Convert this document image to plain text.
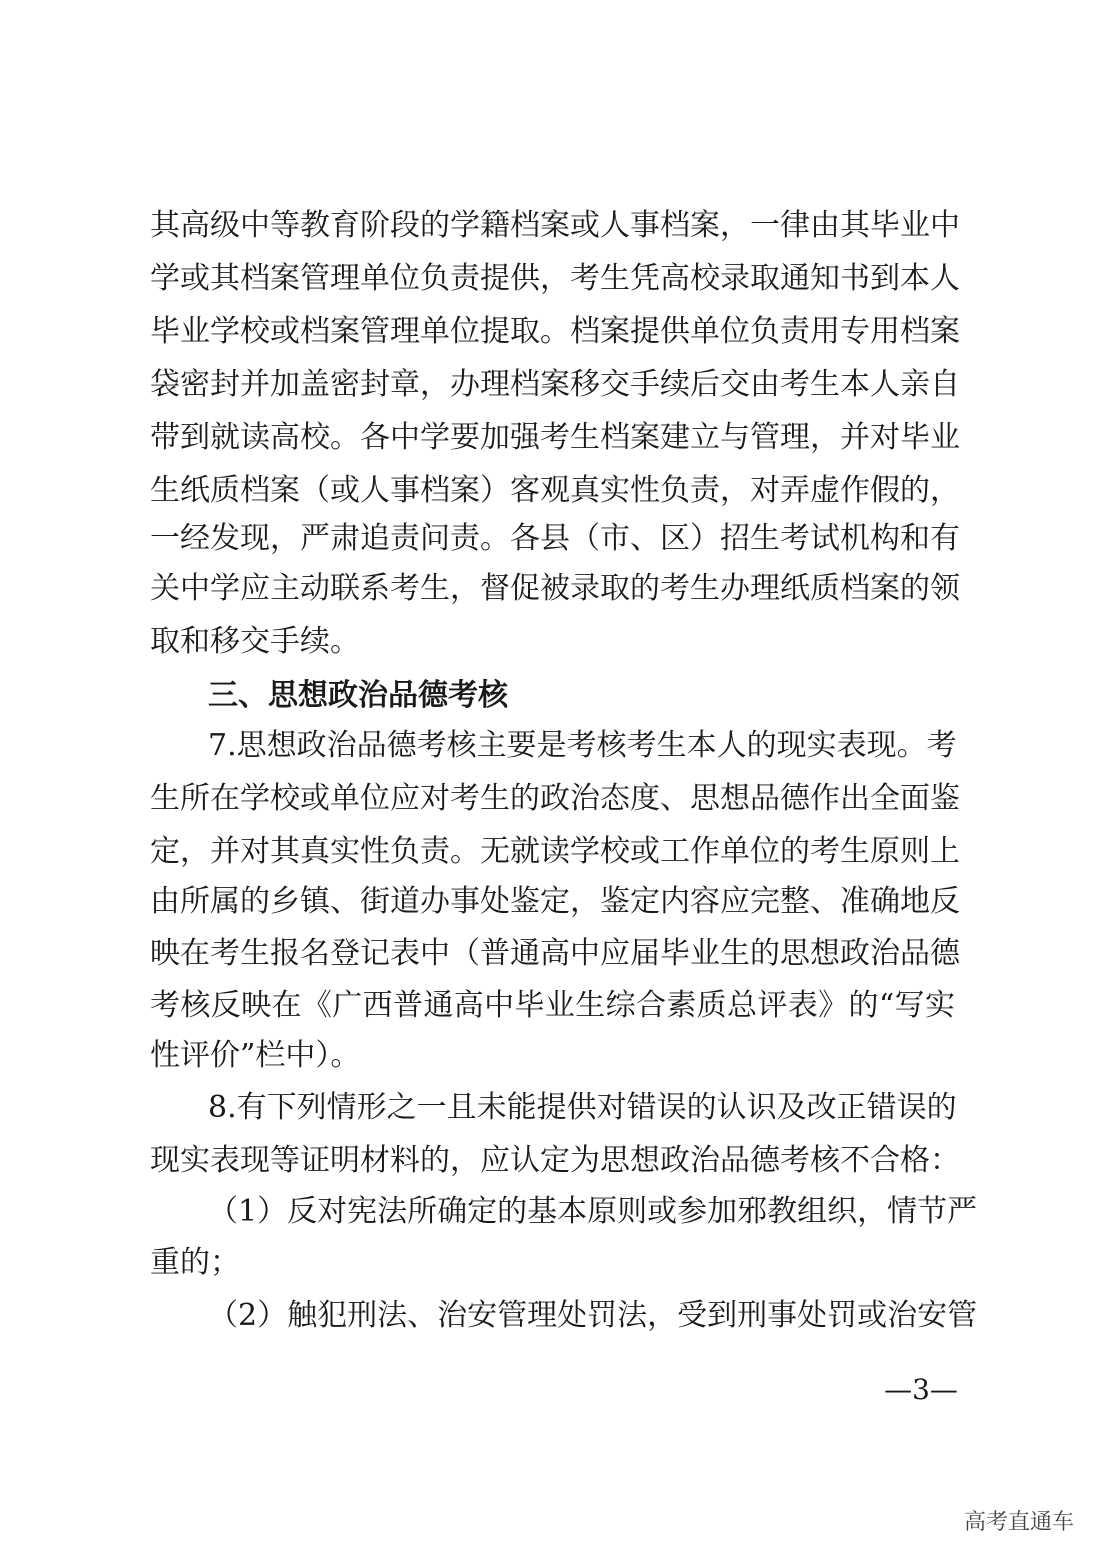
其高级中等教育阶段的学籍档案或人事档案，一律由其毕业中
学或其档案管理单位负责提供，考生凭高校录取通知书到本人
毕业学校或档案管理单位提取。档案提供单位负责用专用档案
袋密封并加盖密封章，办理档案移交手续后交由考生本人亲自
带到就读高校。各中学要加强考生档案建立与管理，并对毕业
生纸质档案（或人事档案）客观真实性负责，对弄虚作假的，
一经发现，严肃追责问责。各县（市、区）招生考试机构和有
关中学应主动联系考生，督促被录取的考生办理纸质档案的领
取和移交手续。
三、思想政治品德考核
7.思想政治品德考核主要是考核考生本人的现实表现。考
生所在学校或单位应对考生的政治态度、思想品德作出全面鉴
定，并对其真实性负责。无就读学校或工作单位的考生原则上
由所属的乡镇、街道办事处鉴定，鉴定内容应完整、准确地反
映在考生报名登记表中（普通高中应届毕业生的思想政治品德
考核反映在《广西普通高中毕业生综合素质总评表》的“写实
性评价”栏中）。
8.有下列情形之一且未能提供对错误的认识及改正错误的
现实表现等证明材料的，应认定为思想政治品德考核不合格：
（1）反对宪法所确定的基本原则或参加邪教组织，情节严
重的；
（2）触犯刑法、治安管理处罚法，受到刑事处罚或治安管
—3—
高考直通车
